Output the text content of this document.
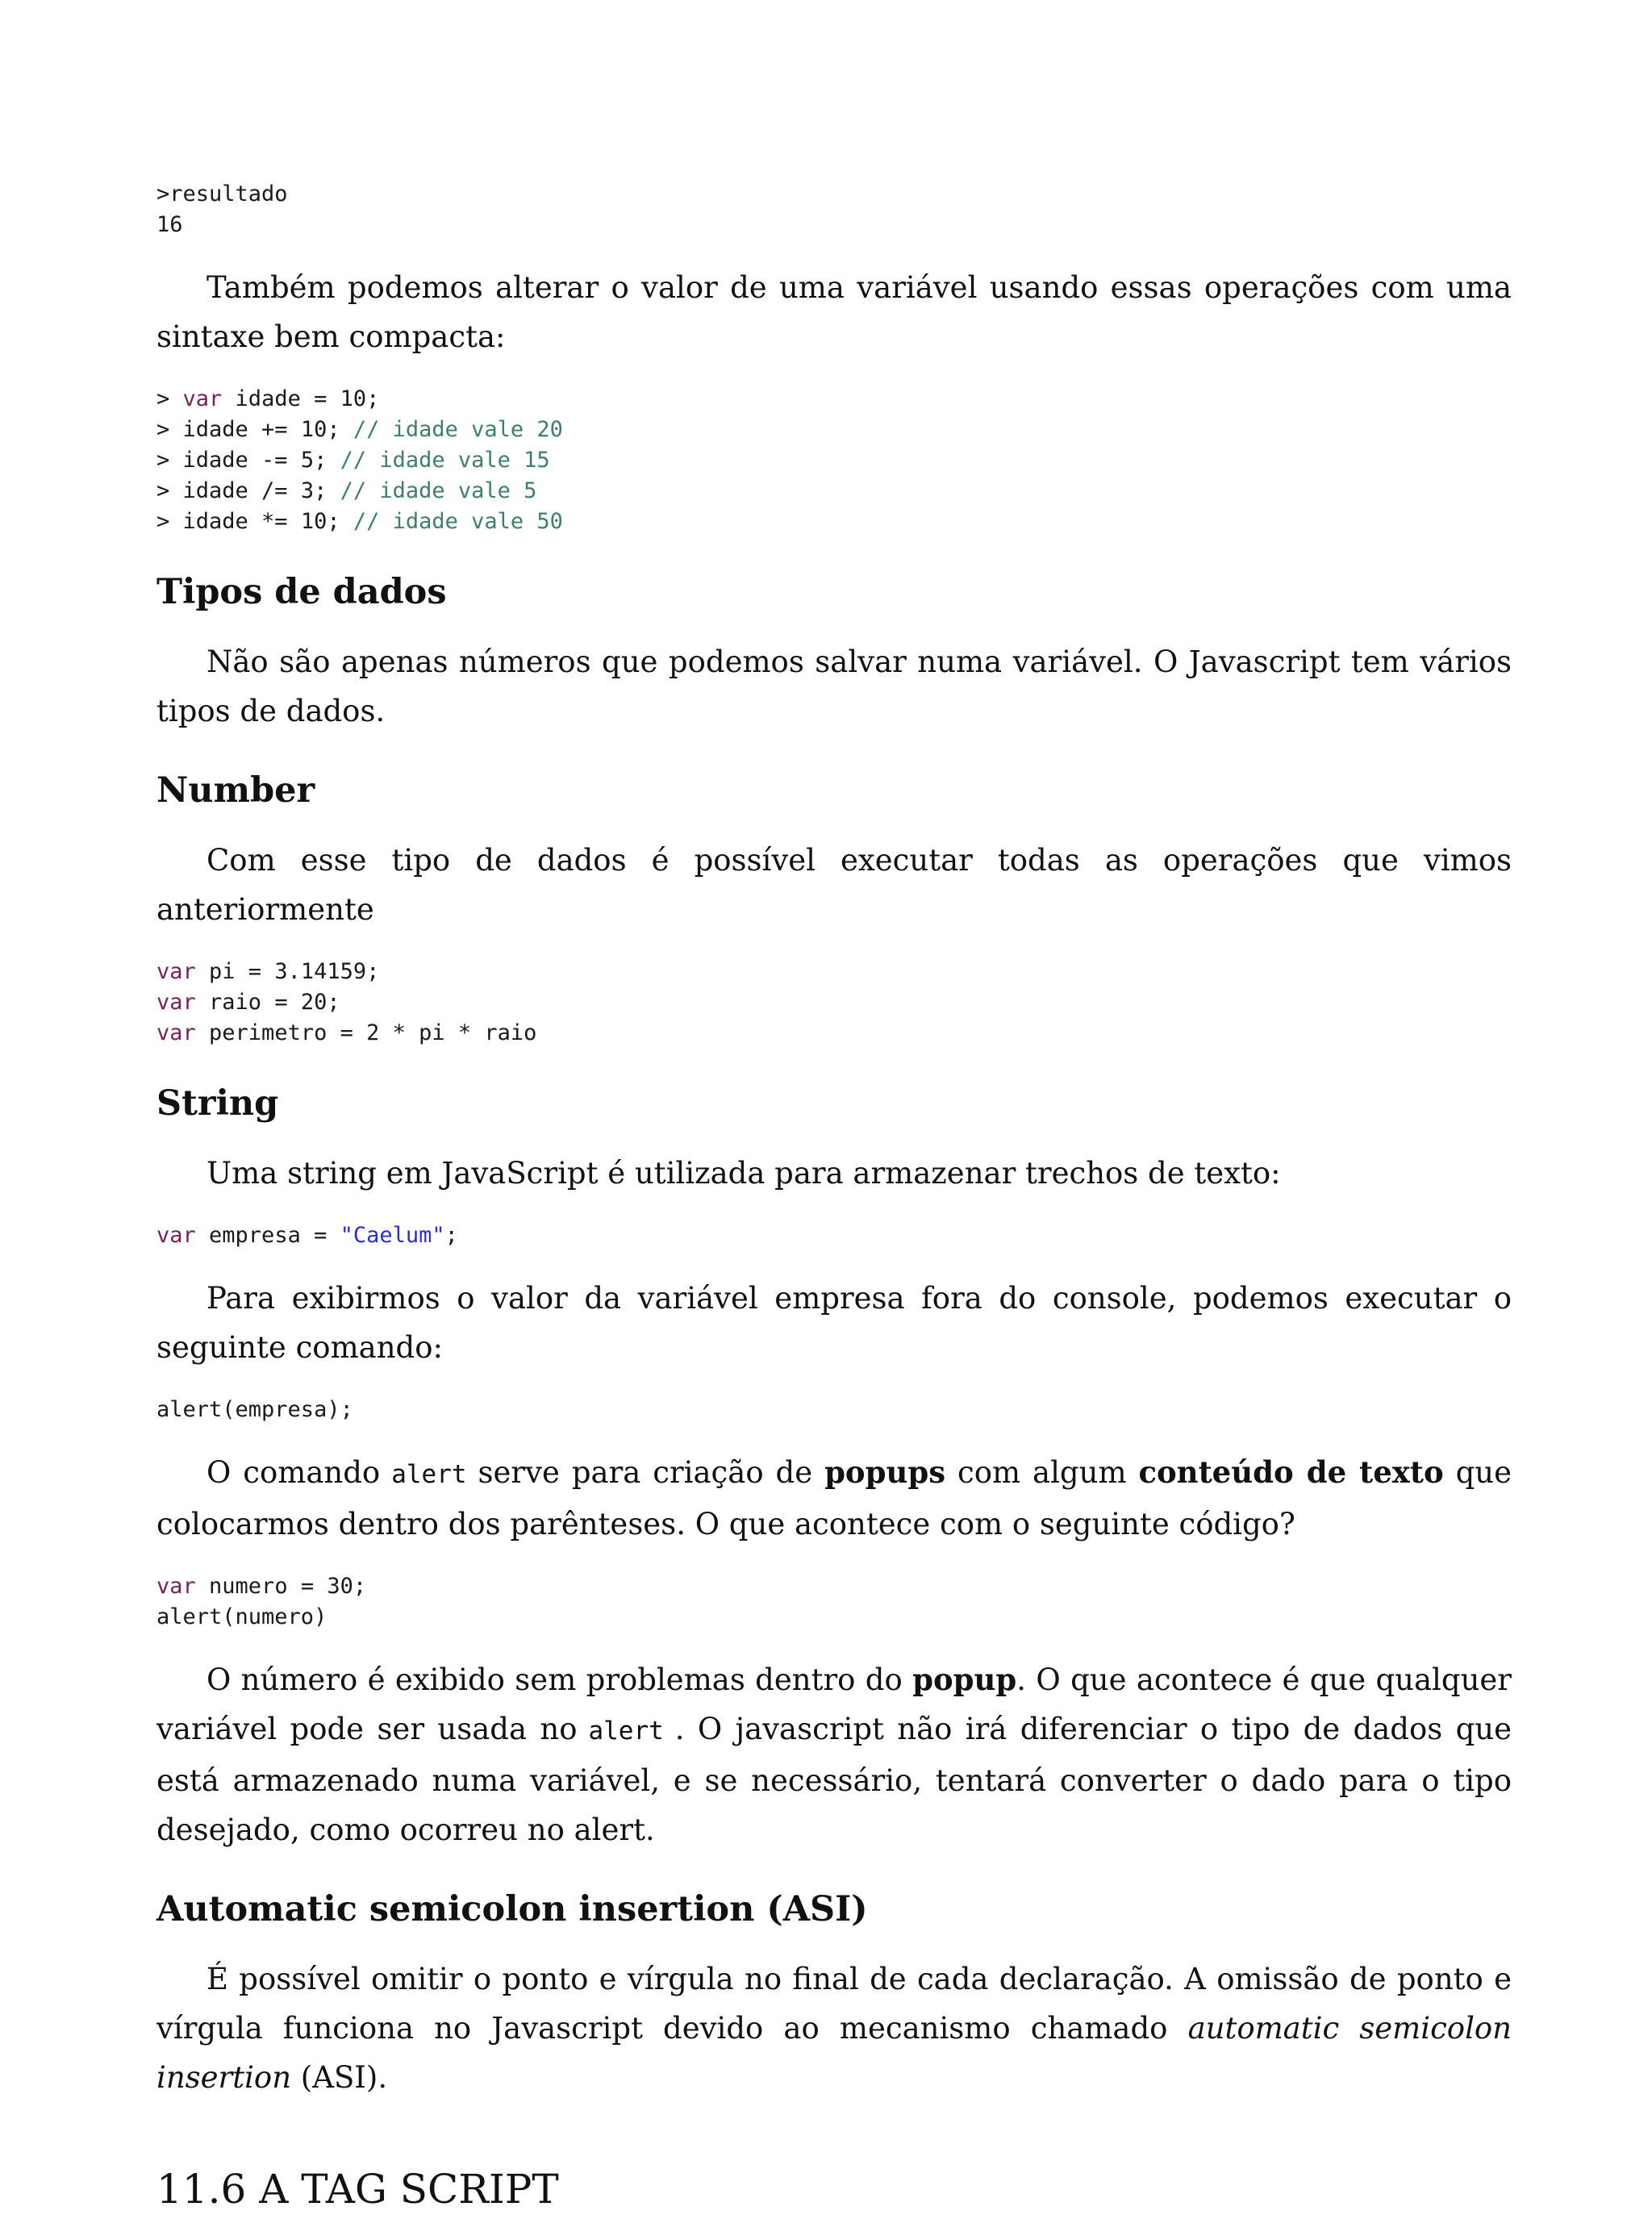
>resultado
16

Também podemos alterar o valor de uma variável usando essas operações com uma sintaxe bem compacta:

> var idade = 10;
> idade += 10; // idade vale 20
> idade -= 5; // idade vale 15
> idade /= 3; // idade vale 5
> idade *= 10; // idade vale 50
Tipos de dados

Não são apenas números que podemos salvar numa variável. O Javascript tem vários tipos de dados.

Number

Com esse tipo de dados é possível executar todas as operações que vimos anteriormente

var pi = 3.14159;
var raio = 20;
var perimetro = 2 * pi * raio
String

Uma string em JavaScript é utilizada para armazenar trechos de texto:

var empresa = "Caelum";

Para exibirmos o valor da variável empresa fora do console, podemos executar o seguinte comando:

alert(empresa);

O comando alert serve para criação de popups com algum conteúdo de texto que colocarmos dentro dos parênteses. O que acontece com o seguinte código?

var numero = 30;
alert(numero)

O número é exibido sem problemas dentro do popup. O que acontece é que qualquer variável pode ser usada no alert . O javascript não irá diferenciar o tipo de dados que está armazenado numa variável, e se necessário, tentará converter o dado para o tipo desejado, como ocorreu no alert.

Automatic semicolon insertion (ASI)

É possível omitir o ponto e vírgula no final de cada declaração. A omissão de ponto e vírgula funciona no Javascript devido ao mecanismo chamado automatic semicolon insertion (ASI).

11.6 A TAG SCRIPT
